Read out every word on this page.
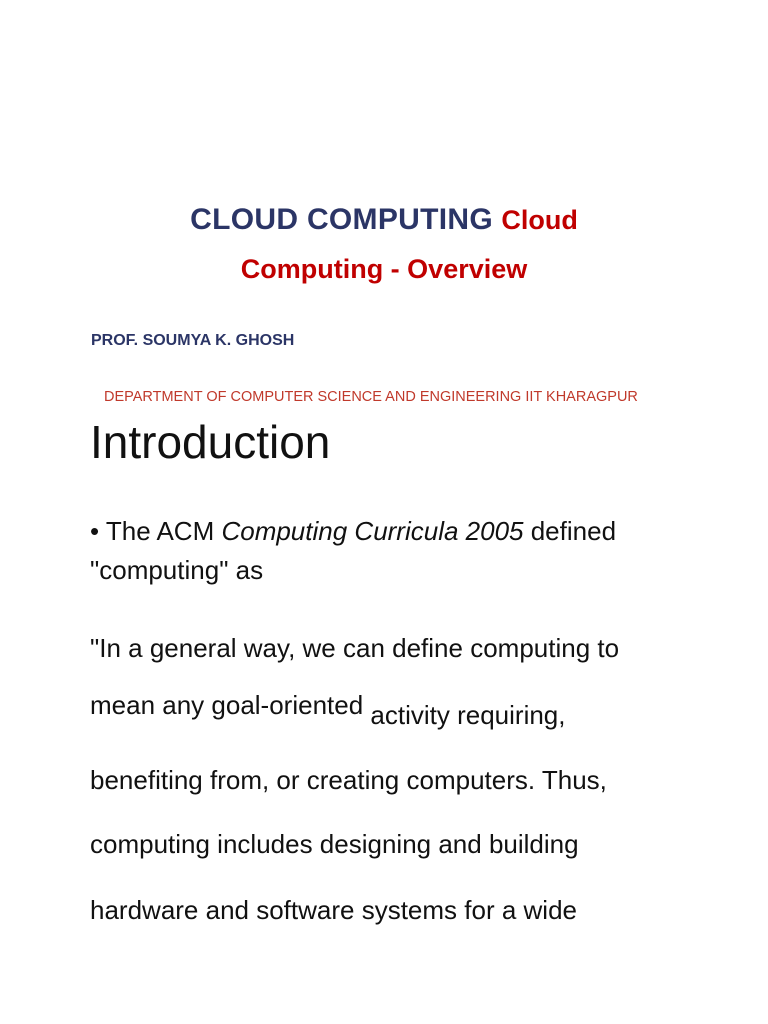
CLOUD COMPUTING Cloud
Computing - Overview
PROF. SOUMYA K. GHOSH
DEPARTMENT OF COMPUTER SCIENCE AND ENGINEERING IIT KHARAGPUR
Introduction
• The ACM Computing Curricula 2005 defined
"computing" as
"In a general way, we can define computing to
mean any goal-oriented activity requiring,
benefiting from, or creating computers. Thus,
computing includes designing and building
hardware and software systems for a wide
